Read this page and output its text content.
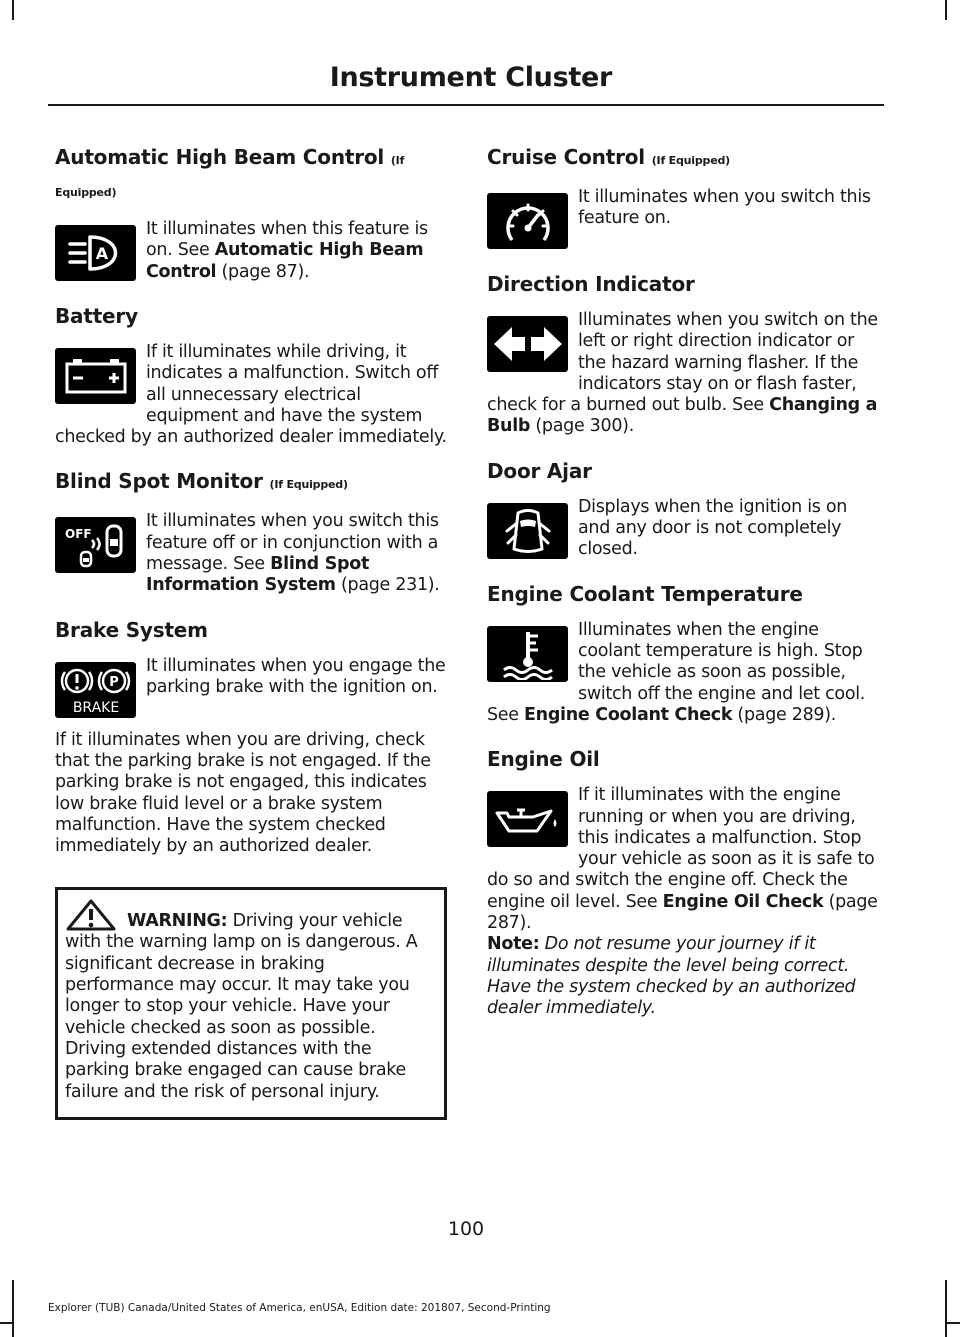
Instrument Cluster
Automatic High Beam Control (If Equipped)
A

It illuminates when this feature is on. See Automatic High Beam Control (page 87).

Battery

If it illuminates while driving, it indicates a malfunction. Switch off all unnecessary electrical equipment and have the system checked by an authorized dealer immediately.

Blind Spot Monitor (If Equipped)
OFF

It illuminates when you switch this feature off or in conjunction with a message. See Blind Spot Information System (page 231).

Brake System
P
BRAKE

It illuminates when you engage the parking brake with the ignition on.

If it illuminates when you are driving, check that the parking brake is not engaged. If the parking brake is not engaged, this indicates low brake fluid level or a brake system malfunction. Have the system checked immediately by an authorized dealer.

WARNING: Driving your vehicle

with the warning lamp on is dangerous. A significant decrease in braking performance may occur. It may take you longer to stop your vehicle. Have your vehicle checked as soon as possible. Driving extended distances with the parking brake engaged can cause brake failure and the risk of personal injury.

Cruise Control (If Equipped)

It illuminates when you switch this feature on.

Direction Indicator

Illuminates when you switch on the left or right direction indicator or the hazard warning flasher. If the indicators stay on or flash faster, check for a burned out bulb. See Changing a Bulb (page 300).

Door Ajar

Displays when the ignition is on and any door is not completely closed.

Engine Coolant Temperature

Illuminates when the engine coolant temperature is high. Stop the vehicle as soon as possible, switch off the engine and let cool. See Engine Coolant Check (page 289).

Engine Oil

If it illuminates with the engine running or when you are driving, this indicates a malfunction. Stop your vehicle as soon as it is safe to do so and switch the engine off. Check the engine oil level. See Engine Oil Check (page 287).

Note: Do not resume your journey if it illuminates despite the level being correct. Have the system checked by an authorized dealer immediately.

100
Explorer (TUB) Canada/United States of America, enUSA, Edition date: 201807, Second-Printing
